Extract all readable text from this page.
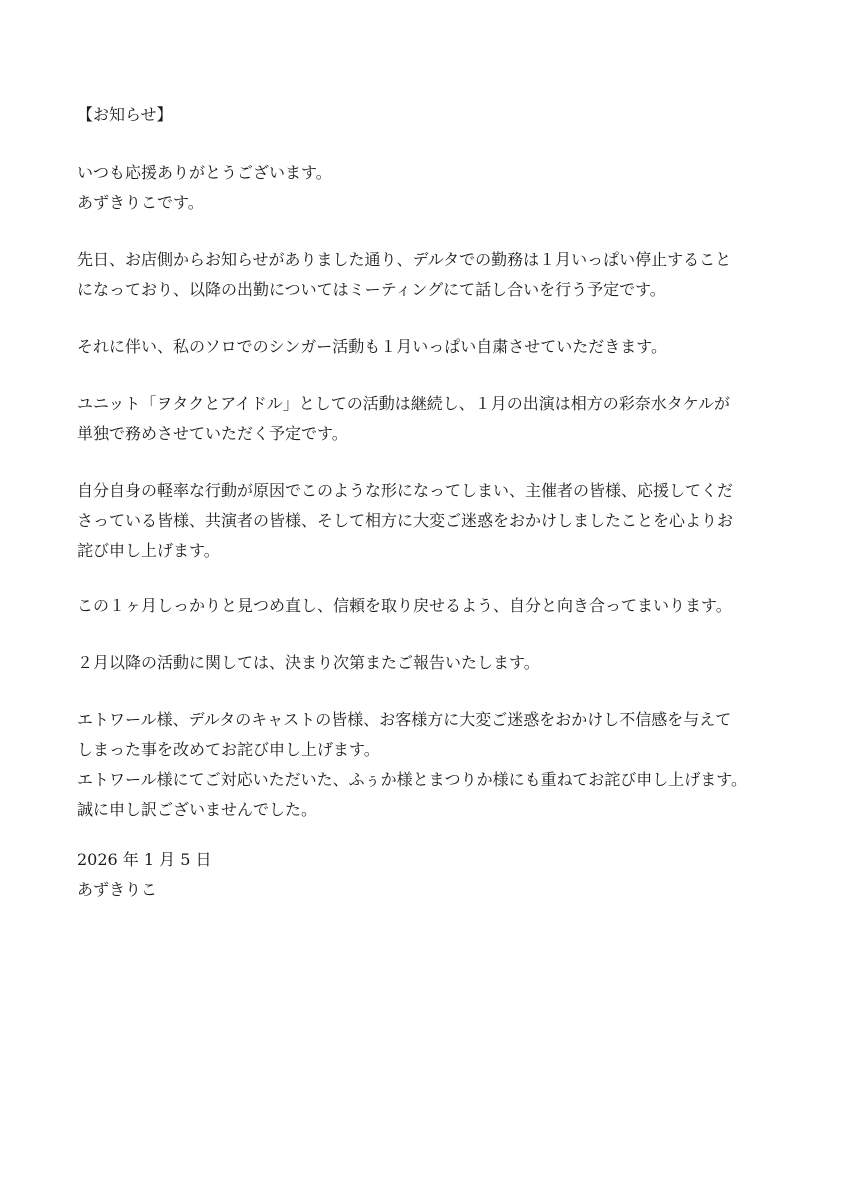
【お知らせ】
いつも応援ありがとうございます。
あずきりこです。
先日、お店側からお知らせがありました通り、デルタでの勤務は１月いっぱい停止すること
になっており、以降の出勤についてはミーティングにて話し合いを行う予定です。
それに伴い、私のソロでのシンガー活動も１月いっぱい自粛させていただきます。
ユニット「ヲタクとアイドル」としての活動は継続し、１月の出演は相方の彩奈水タケルが
単独で務めさせていただく予定です。
自分自身の軽率な行動が原因でこのような形になってしまい、主催者の皆様、応援してくだ
さっている皆様、共演者の皆様、そして相方に大変ご迷惑をおかけしましたことを心よりお
詫び申し上げます。
この１ヶ月しっかりと見つめ直し、信頼を取り戻せるよう、自分と向き合ってまいります。
２月以降の活動に関しては、決まり次第またご報告いたします。
エトワール様、デルタのキャストの皆様、お客様方に大変ご迷惑をおかけし不信感を与えて
しまった事を改めてお詫び申し上げます。
エトワール様にてご対応いただいた、ふぅか様とまつりか様にも重ねてお詫び申し上げます。
誠に申し訳ございませんでした。
2026 年 1 月 5 日
あずきりこ
